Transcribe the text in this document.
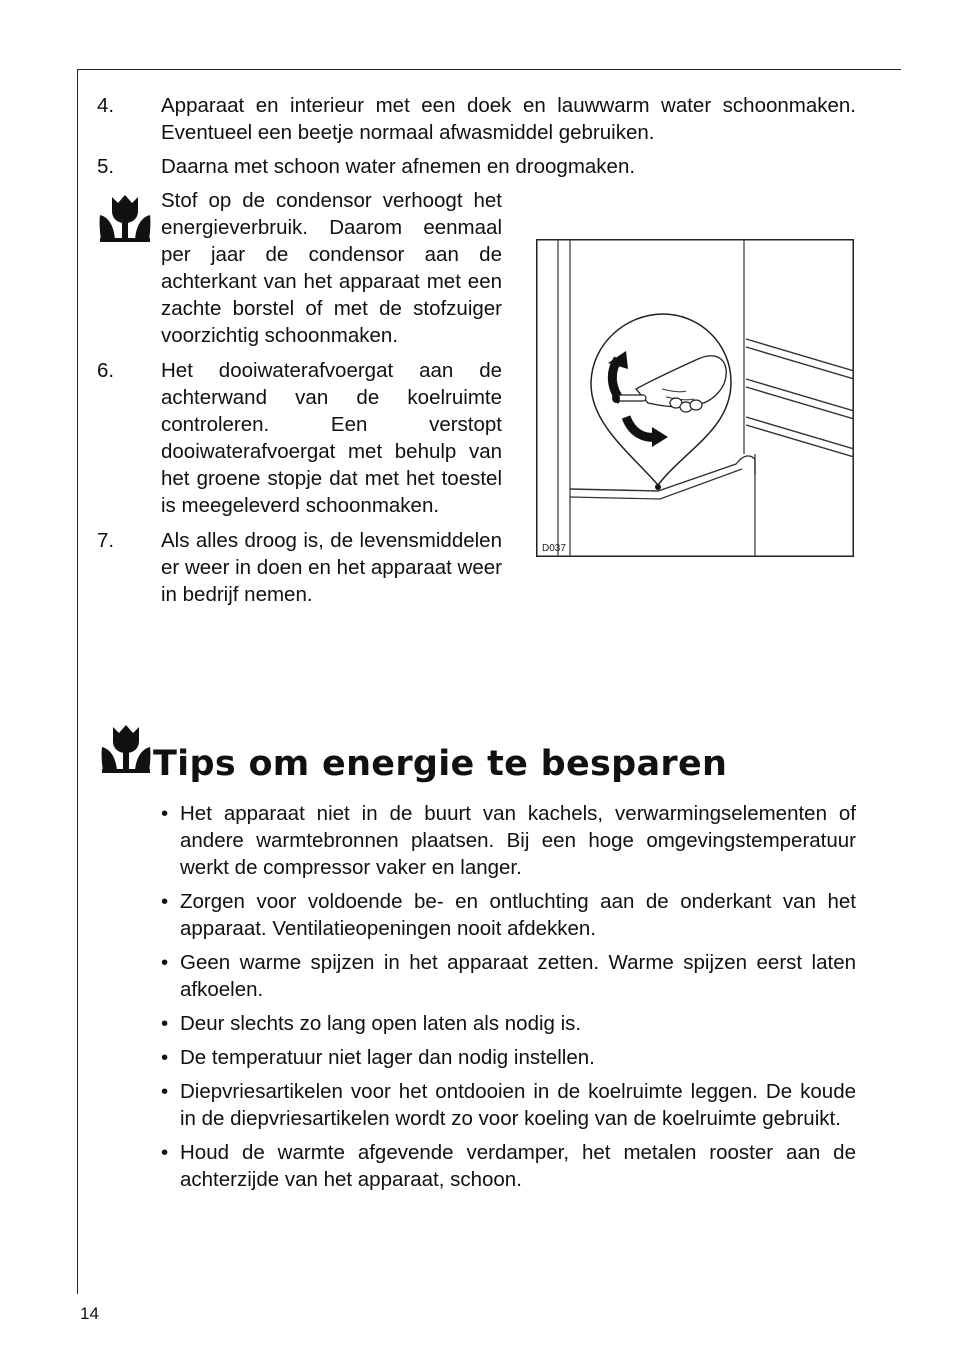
4. Apparaat en interieur met een doek en lauwwarm water schoonmaken. Eventueel een beetje normaal afwasmiddel gebruiken.
5. Daarna met schoon water afnemen en droogmaken.
Stof op de condensor verhoogt het energieverbruik. Daarom eenmaal per jaar de condensor aan de achterkant van het apparaat met een zachte borstel of met de stofzuiger voorzichtig schoonmaken.
6. Het dooiwaterafvoergat aan de achterwand van de koelruimte controleren. Een verstopt dooiwaterafvoergat met behulp van het groene stopje dat met het toestel is meegeleverd schoonmaken.
7. Als alles droog is, de levensmiddelen er weer in doen en het apparaat weer in bedrijf nemen.
D037
Tips om energie te besparen
• Het apparaat niet in de buurt van kachels, verwarmingselementen of andere warmtebronnen plaatsen. Bij een hoge omgevingstemperatuur werkt de compressor vaker en langer.
• Zorgen voor voldoende be- en ontluchting aan de onderkant van het apparaat. Ventilatieopeningen nooit afdekken.
• Geen warme spijzen in het apparaat zetten. Warme spijzen eerst laten afkoelen.
• Deur slechts zo lang open laten als nodig is.
• De temperatuur niet lager dan nodig instellen.
• Diepvriesartikelen voor het ontdooien in de koelruimte leggen. De koude in de diepvriesartikelen wordt zo voor koeling van de koelruimte gebruikt.
• Houd de warmte afgevende verdamper, het metalen rooster aan de achterzijde van het apparaat, schoon.
14
